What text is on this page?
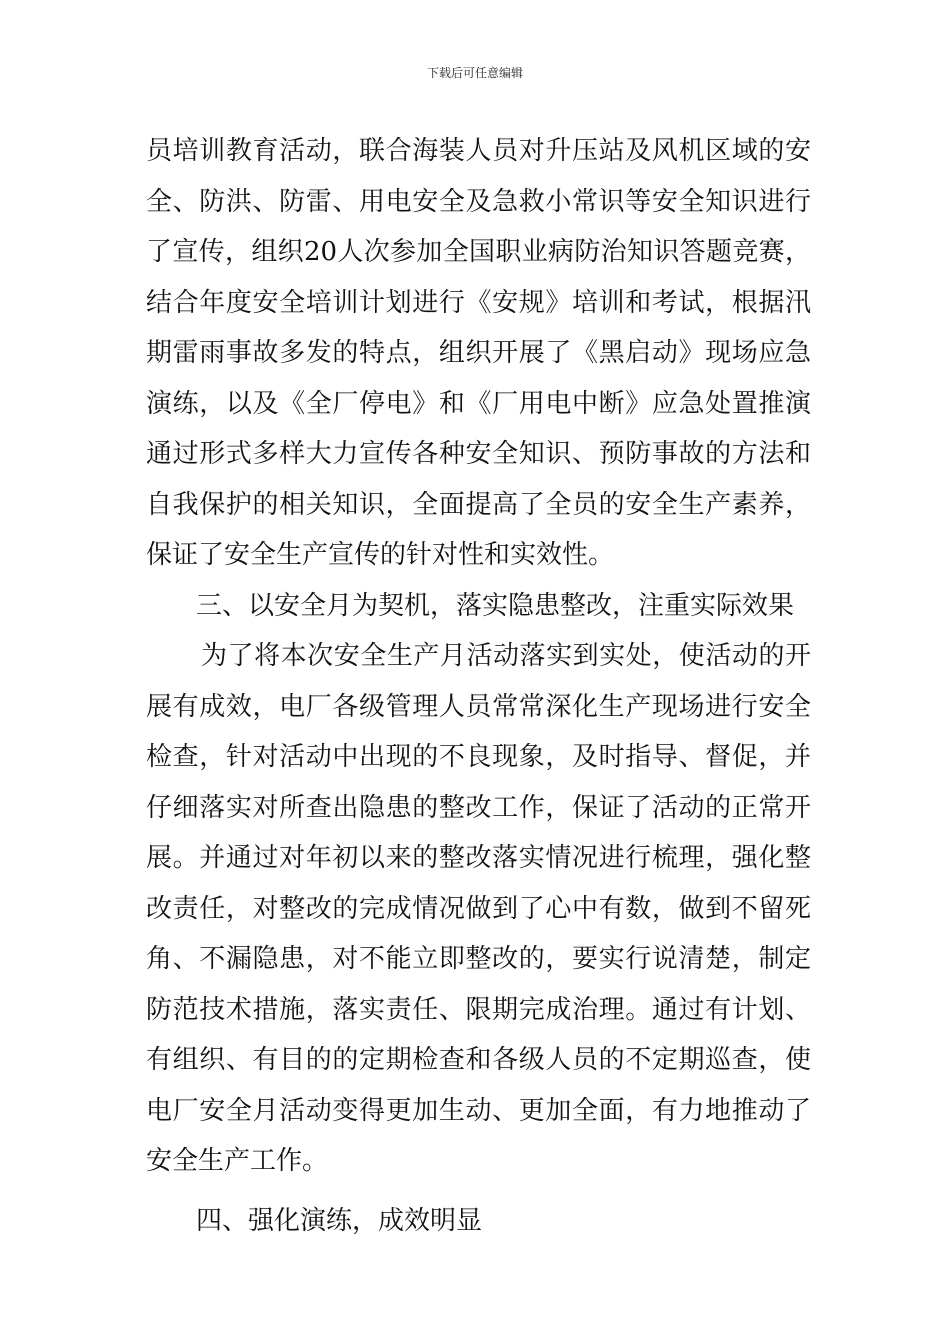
下载后可任意编辑

员培训教育活动，联合海装人员对升压站及风机区域的安全、防洪、防雷、用电安全及急救小常识等安全知识进行了宣传，组织20人次参加全国职业病防治知识答题竞赛，结合年度安全培训计划进行《安规》培训和考试，根据汛期雷雨事故多发的特点，组织开展了《黑启动》现场应急演练，以及《全厂停电》和《厂用电中断》应急处置推演通过形式多样大力宣传各种安全知识、预防事故的方法和自我保护的相关知识，全面提高了全员的安全生产素养，保证了安全生产宣传的针对性和实效性。

三、以安全月为契机，落实隐患整改，注重实际效果

为了将本次安全生产月活动落实到实处，使活动的开展有成效，电厂各级管理人员常常深化生产现场进行安全检查，针对活动中出现的不良现象，及时指导、督促，并仔细落实对所查出隐患的整改工作，保证了活动的正常开展。并通过对年初以来的整改落实情况进行梳理，强化整改责任，对整改的完成情况做到了心中有数，做到不留死角、不漏隐患，对不能立即整改的，要实行说清楚，制定防范技术措施，落实责任、限期完成治理。通过有计划、有组织、有目的的定期检查和各级人员的不定期巡查，使电厂安全月活动变得更加生动、更加全面，有力地推动了安全生产工作。

四、强化演练，成效明显
